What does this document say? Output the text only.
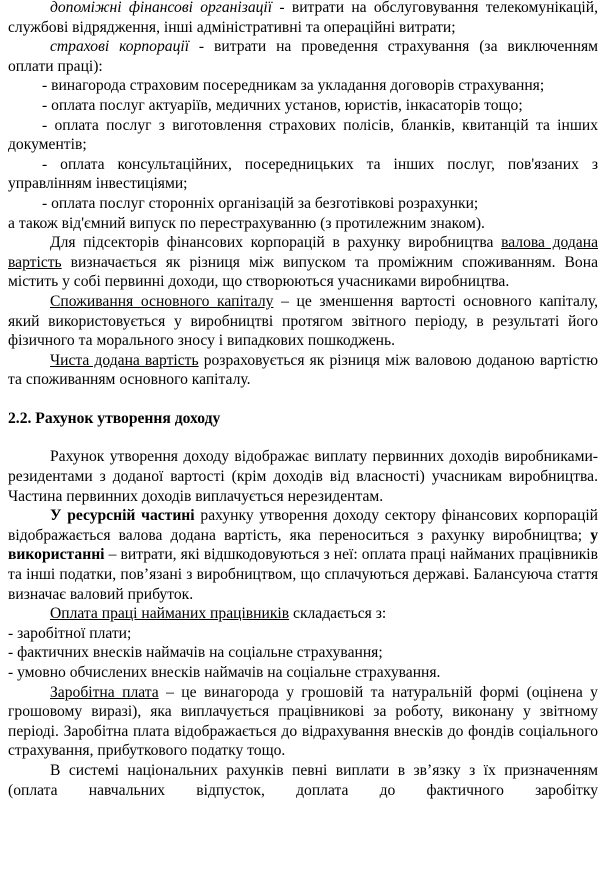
допоміжні фінансові організації - витрати на обслуговування телекомунікацій, службові відрядження, інші адміністративні та операційні витрати;

страхові корпорації - витрати на проведення страхування (за виключенням оплати праці):

- винагорода страховим посередникам за укладання договорів страхування;

- оплата послуг актуаріїв, медичних установ, юристів, інкасаторів тощо;

- оплата послуг з виготовлення страхових полісів, бланків, квитанцій та інших документів;

- оплата консультаційних, посередницьких та інших послуг, пов'язаних з управлінням інвестиціями;

- оплата послуг сторонніх організацій за безготівкові розрахунки;

а також від'ємний випуск по перестрахуванню (з протилежним знаком).

Для підсекторів фінансових корпорацій в рахунку виробництва валова додана вартість визначається як різниця між випуском та проміжним споживанням. Вона містить у собі первинні доходи, що створюються учасниками виробництва.

Споживання основного капіталу – це зменшення вартості основного капіталу, який використовується у виробництві протягом звітного періоду, в результаті його фізичного та морального зносу і випадкових пошкоджень.

Чиста додана вартість розраховується як різниця між валовою доданою вартістю та споживанням основного капіталу.

2.2. Рахунок утворення доходу

Рахунок утворення доходу відображає виплату первинних доходів виробниками-резидентами з доданої вартості (крім доходів від власності) учасникам виробництва. Частина первинних доходів виплачується нерезидентам.

У ресурсній частині рахунку утворення доходу сектору фінансових корпорацій відображається валова додана вартість, яка переноситься з рахунку виробництва; у використанні – витрати, які відшкодовуються з неї: оплата праці найманих працівників та інші податки, пов’язані з виробництвом, що сплачуються державі. Балансуюча стаття визначає валовий прибуток.

Оплата праці найманих працівників складається з:

- заробітної плати;

- фактичних внесків наймачів на соціальне страхування;

- умовно обчислених внесків наймачів на соціальне страхування.

Заробітна плата – це винагорода у грошовій та натуральній формі (оцінена у грошовому виразі), яка виплачується працівникові за роботу, виконану у звітному періоді. Заробітна плата відображається до відрахування внесків до фондів соціального страхування, прибуткового податку тощо.

В системі національних рахунків певні виплати в зв’язку з їх призначенням (оплата навчальних відпусток, доплата до фактичного заробітку
